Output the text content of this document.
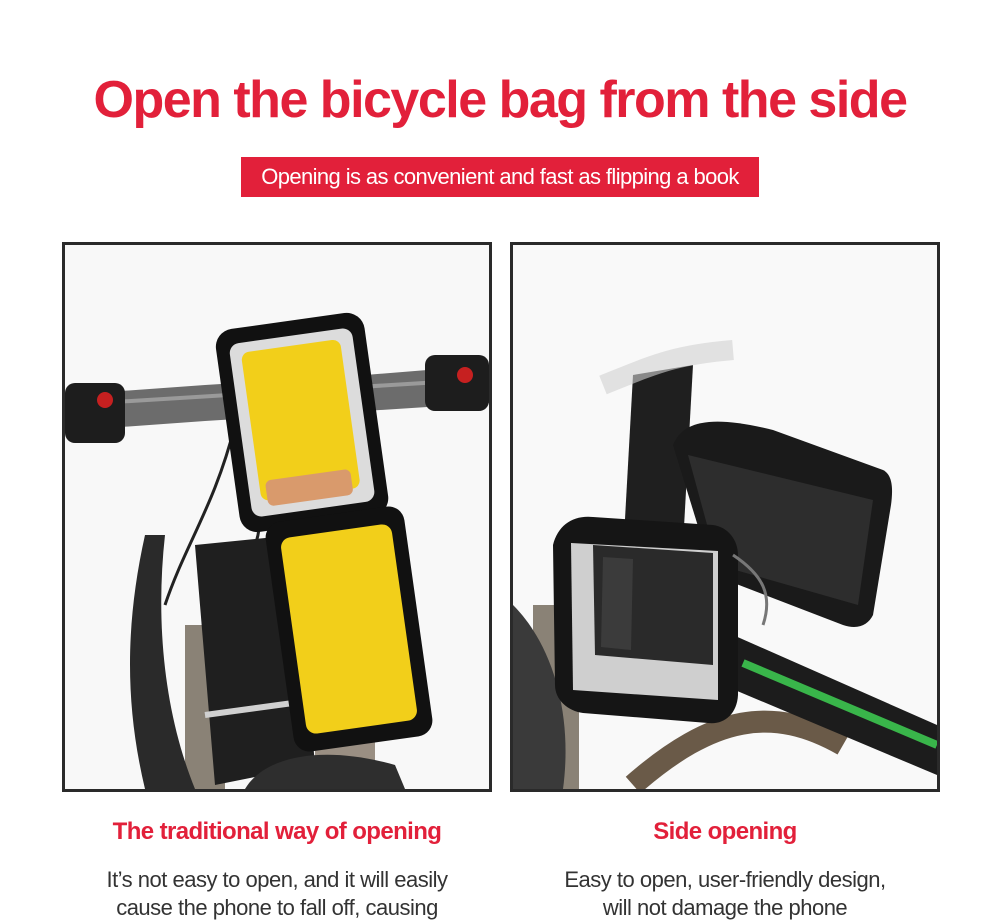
Open the bicycle bag from the side
Opening is as convenient and fast as flipping a book
The traditional way of opening	Side opening
It’s not easy to open, and it will easily
cause the phone to fall off, causing
Easy to open, user-friendly design,
will not damage the phone
